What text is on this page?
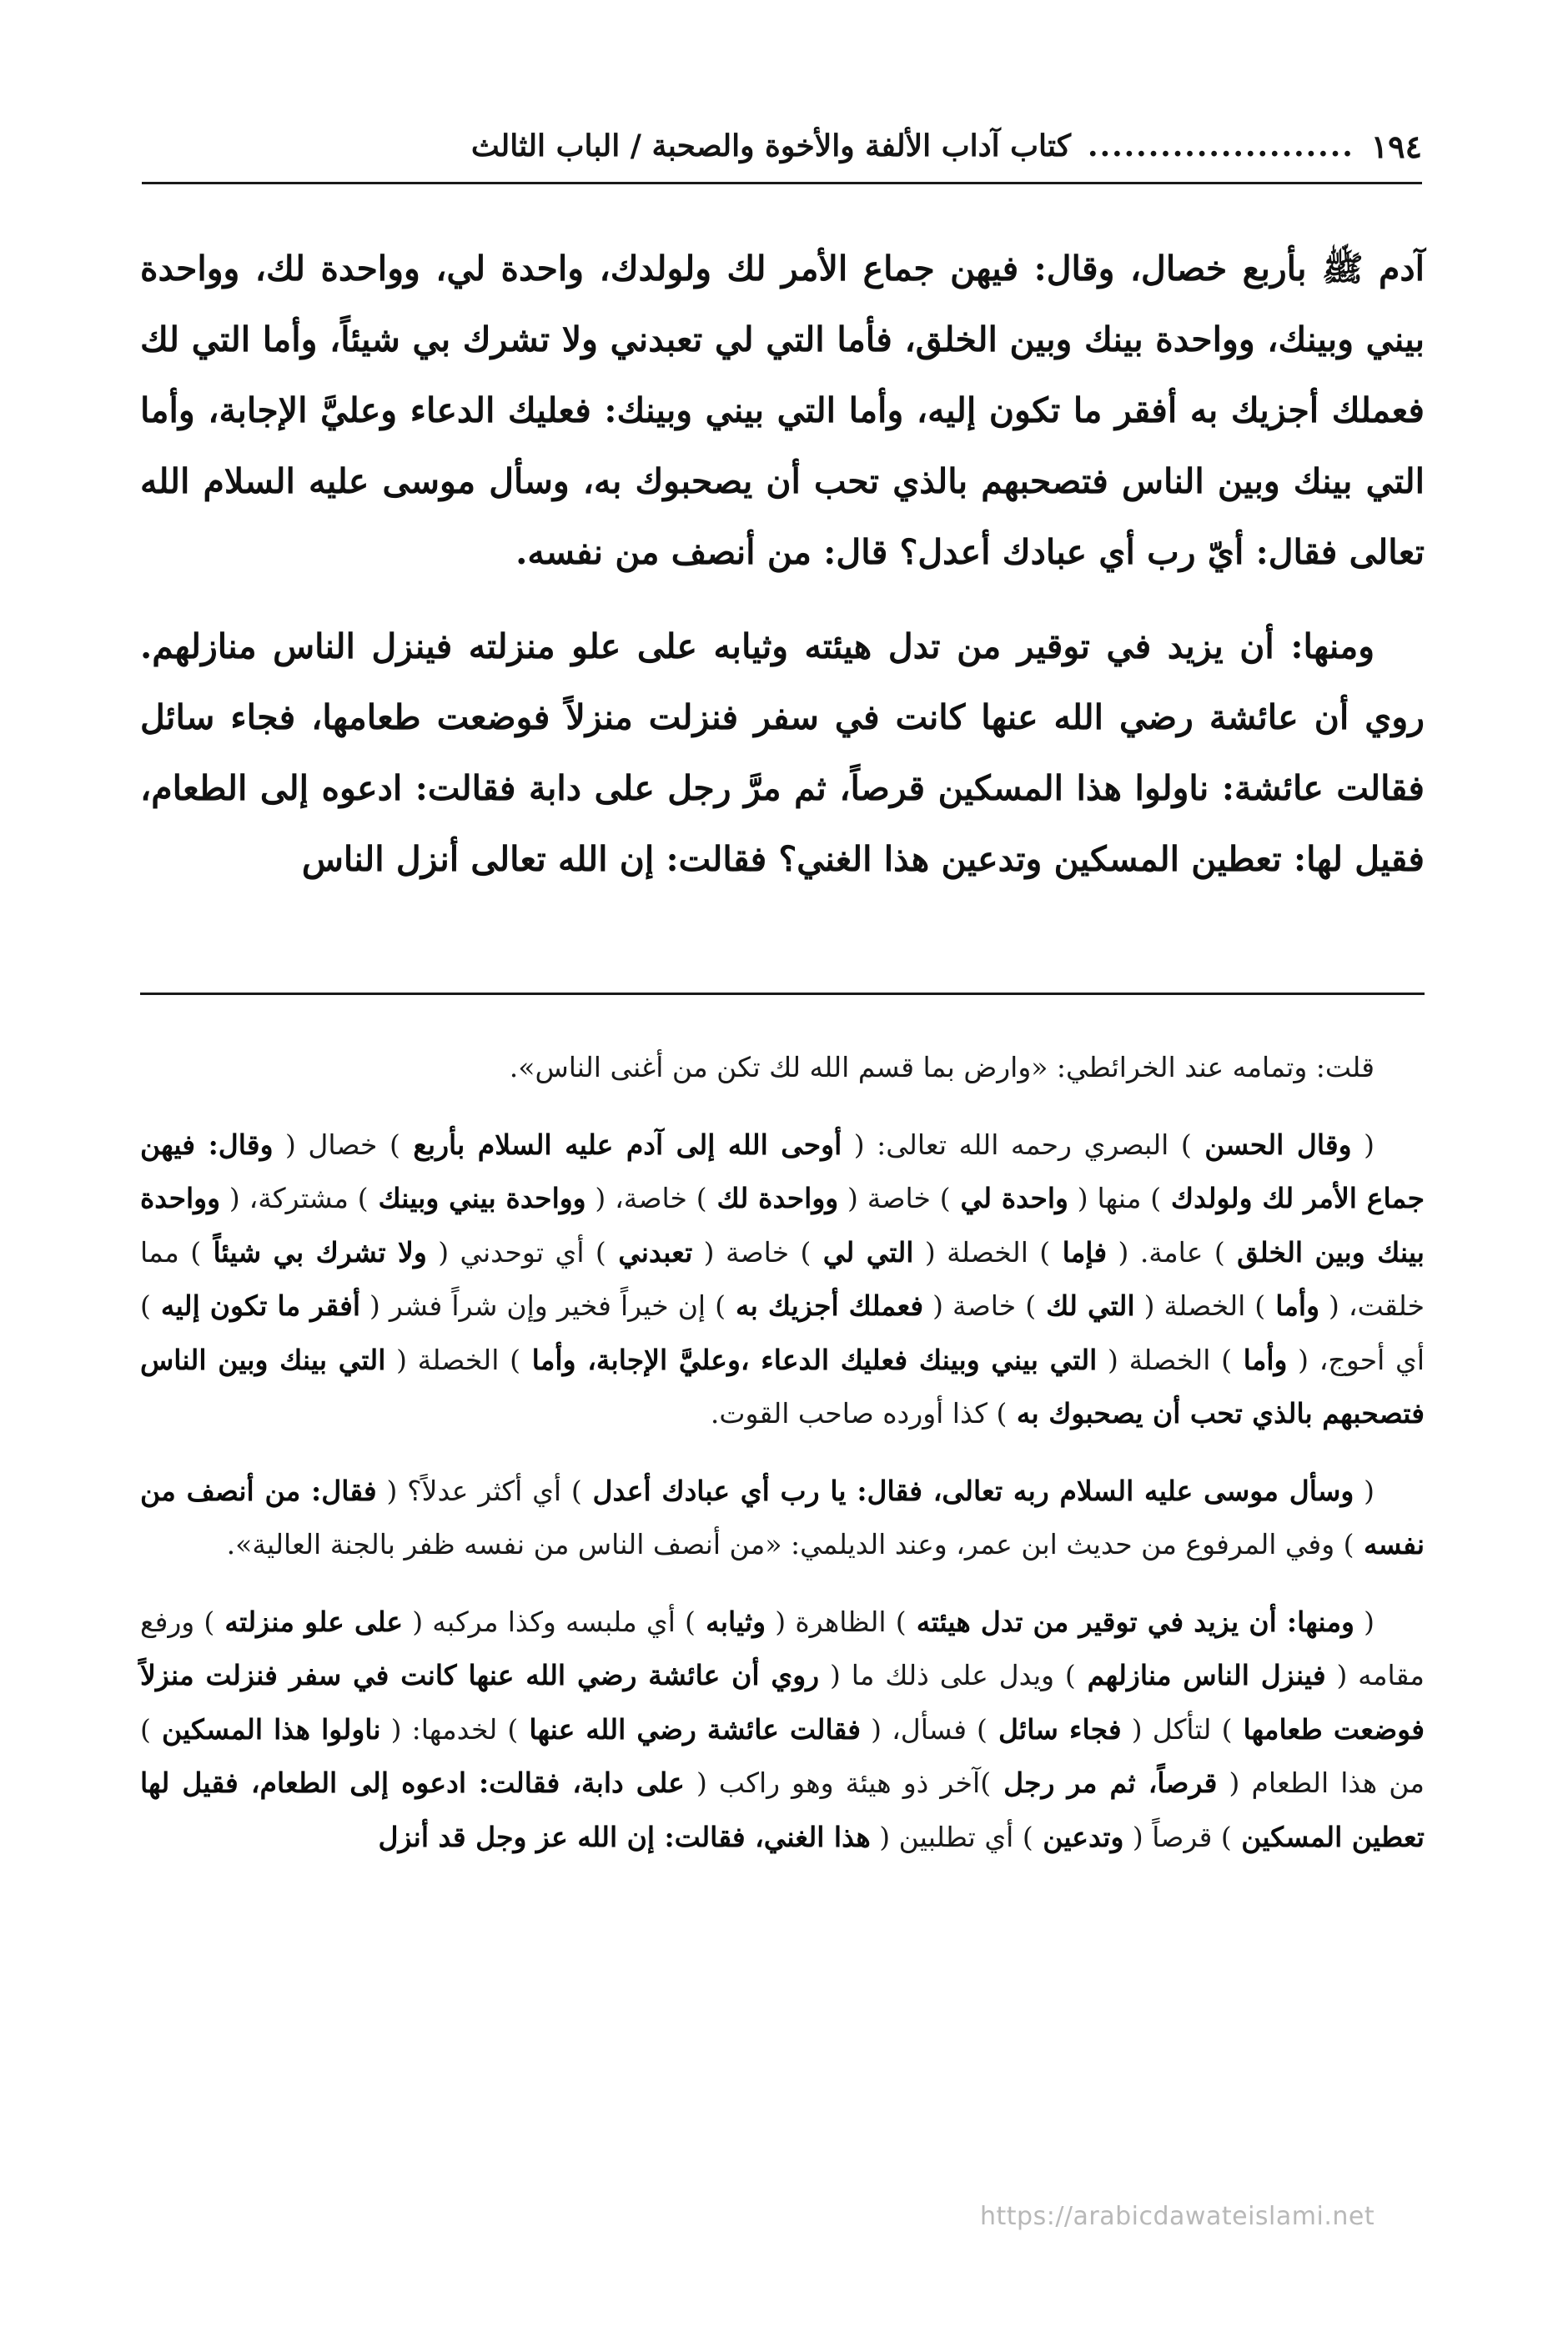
١٩٤
......................
كتاب آداب الألفة والأخوة والصحبة / الباب الثالث

آدم ﷺ بأربع خصال، وقال: فيهن جماع الأمر لك ولولدك، واحدة لي، وواحدة لك، وواحدة بيني وبينك، وواحدة بينك وبين الخلق، فأما التي لي تعبدني ولا تشرك بي شيئاً، وأما التي لك فعملك أجزيك به أفقر ما تكون إليه، وأما التي بيني وبينك: فعليك الدعاء وعليَّ الإجابة، وأما التي بينك وبين الناس فتصحبهم بالذي تحب أن يصحبوك به، وسأل موسى عليه السلام الله تعالى فقال: أيّ رب أي عبادك أعدل؟ قال: من أنصف من نفسه.

ومنها: أن يزيد في توقير من تدل هيئته وثيابه على علو منزلته فينزل الناس منازلهم. روي أن عائشة رضي الله عنها كانت في سفر فنزلت منزلاً فوضعت طعامها، فجاء سائل فقالت عائشة: ناولوا هذا المسكين قرصاً، ثم مرَّ رجل على دابة فقالت: ادعوه إلى الطعام، فقيل لها: تعطين المسكين وتدعين هذا الغني؟ فقالت: إن الله تعالى أنزل الناس

قلت: وتمامه عند الخرائطي: «وارض بما قسم الله لك تكن من أغنى الناس».

( وقال الحسن ) البصري رحمه الله تعالى: ( أوحى الله إلى آدم عليه السلام بأربع ) خصال ( وقال: فيهن جماع الأمر لك ولولدك ) منها ( واحدة لي ) خاصة ( وواحدة لك ) خاصة، ( وواحدة بيني وبينك ) مشتركة، ( وواحدة بينك وبين الخلق ) عامة. ( فإما ) الخصلة ( التي لي ) خاصة ( تعبدني ) أي توحدني ( ولا تشرك بي شيئاً ) مما خلقت، ( وأما ) الخصلة ( التي لك ) خاصة ( فعملك أجزيك به ) إن خيراً فخير وإن شراً فشر ( أفقر ما تكون إليه ) أي أحوج، ( وأما ) الخصلة ( التي بيني وبينك فعليك الدعاء ،وعليَّ الإجابة، وأما ) الخصلة ( التي بينك وبين الناس فتصحبهم بالذي تحب أن يصحبوك به ) كذا أورده صاحب القوت.

( وسأل موسى عليه السلام ربه تعالى، فقال: يا رب أي عبادك أعدل ) أي أكثر عدلاً؟ ( فقال: من أنصف من نفسه ) وفي المرفوع من حديث ابن عمر، وعند الديلمي: «من أنصف الناس من نفسه ظفر بالجنة العالية».

( ومنها: أن يزيد في توقير من تدل هيئته ) الظاهرة ( وثيابه ) أي ملبسه وكذا مركبه ( على علو منزلته ) ورفع مقامه ( فينزل الناس منازلهم ) ويدل على ذلك ما ( روي أن عائشة رضي الله عنها كانت في سفر فنزلت منزلاً فوضعت طعامها ) لتأكل ( فجاء سائل ) فسأل، ( فقالت عائشة رضي الله عنها ) لخدمها: ( ناولوا هذا المسكين ) من هذا الطعام ( قرصاً، ثم مر رجل )آخر ذو هيئة وهو راكب ( على دابة، فقالت: ادعوه إلى الطعام، فقيل لها تعطين المسكين ) قرصاً ( وتدعين ) أي تطلبين ( هذا الغني، فقالت: إن الله عز وجل قد أنزل

https://arabicdawateislami.net
